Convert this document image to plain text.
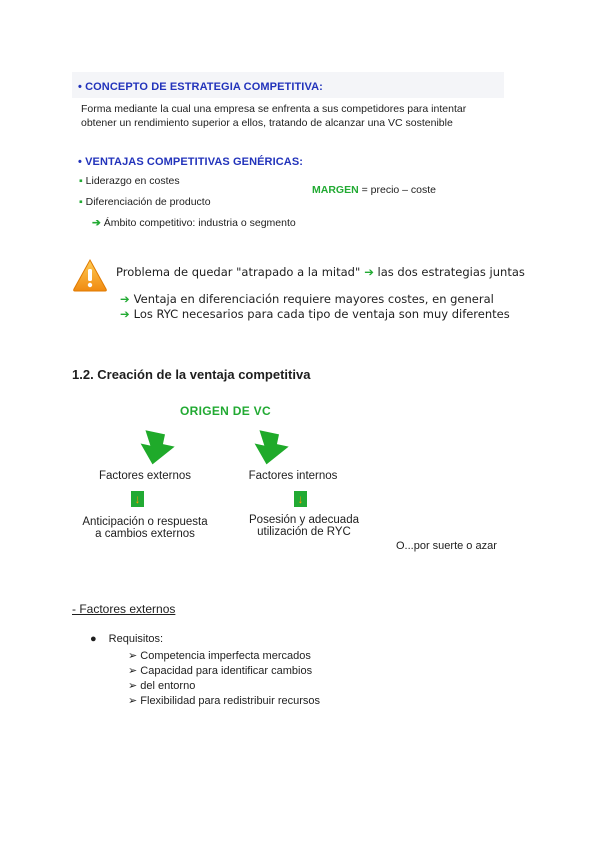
• CONCEPTO DE ESTRATEGIA COMPETITIVA:
Forma mediante la cual una empresa se enfrenta a sus competidores para intentar
obtener un rendimiento superior a ellos, tratando de alcanzar una VC sostenible
• VENTAJAS COMPETITIVAS GENÉRICAS:
▪ Liderazgo en costes
▪ Diferenciación de producto
➔ Ámbito competitivo: industria o segmento
MARGEN = precio – coste
Problema de quedar "atrapado a la mitad" ➔ las dos estrategias juntas
➔ Ventaja en diferenciación requiere mayores costes, en general
➔ Los RYC necesarios para cada tipo de ventaja son muy diferentes
1.2. Creación de la ventaja competitiva
ORIGEN DE VC
Factores externos	Factores internos
↓	↓
Anticipación o respuesta
a cambios externos
Posesión y adecuada
utilización de RYC
O...por suerte o azar
- Factores externos
● Requisitos:
➢ Competencia imperfecta mercados
➢ Capacidad para identificar cambios
➢ del entorno
➢ Flexibilidad para redistribuir recursos
